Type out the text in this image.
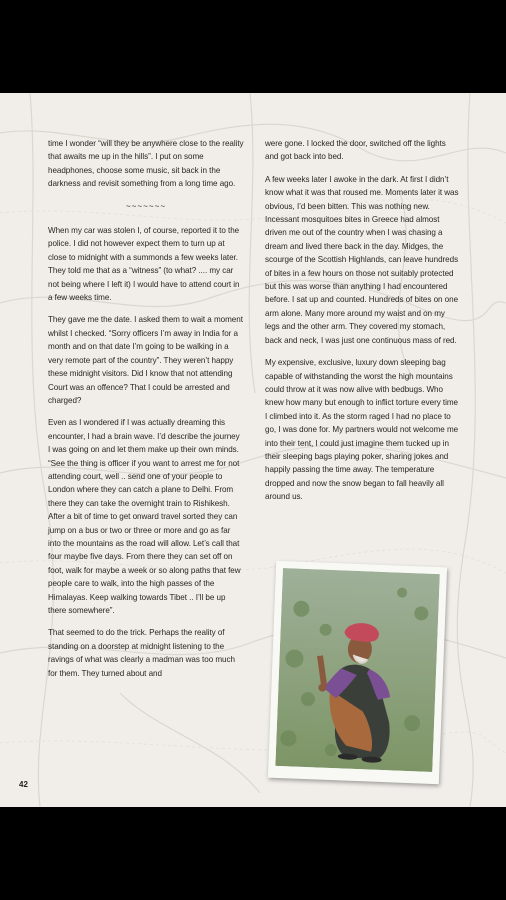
time I wonder “will they be anywhere close to the reality that awaits me up in the hills”. I put on some headphones, choose some music, sit back in the darkness and revisit something from a long time ago.

~~~~~~~

When my car was stolen I, of course, reported it to the police. I did not however expect them to turn up at close to midnight with a summonds a few weeks later. They told me that as a “witness” (to what? .... my car not being where I left it) I would have to attend court in a few weeks time.

They gave me the date. I asked them to wait a moment whilst I checked. “Sorry officers I’m away in India for a month and on that date I’m going to be walking in a very remote part of the country”. They weren’t happy these midnight visitors. Did I know that not attending Court was an offence? That I could be arrested and charged?

Even as I wondered if I was actually dreaming this encounter, I had a brain wave. I’d describe the journey I was going on and let them make up their own minds. “See the thing is officer if you want to arrest me for not attending court, well .. send one of your people to London where they can catch a plane to Delhi. From there they can take the overnight train to Rishikesh. After a bit of time to get onward travel sorted they can jump on a bus or two or three or more and go as far into the mountains as the road will allow. Let’s call that four maybe five days. From there they can set off on foot, walk for maybe a week or so along paths that few people care to walk, into the high passes of the Himalayas. Keep walking towards Tibet .. I’ll be up there somewhere”.

That seemed to do the trick. Perhaps the reality of standing on a doorstep at midnight listening to the ravings of what was clearly a madman was too much for them. They turned about and

were gone. I locked the door, switched off the lights and got back into bed.

A few weeks later I awoke in the dark. At first I didn’t know what it was that roused me. Moments later it was obvious, I’d been bitten. This was nothing new. Incessant mosquitoes bites in Greece had almost driven me out of the country when I was chasing a dream and lived there back in the day. Midges, the scourge of the Scottish Highlands, can leave hundreds of bites in a few hours on those not suitably protected but this was worse than anything I had encountered before. I sat up and counted. Hundreds of bites on one arm alone. Many more around my waist and on my legs and the other arm. They covered my stomach, back and neck, I was just one continuous mass of red.

My expensive, exclusive, luxury down sleeping bag capable of withstanding the worst the high mountains could throw at it was now alive with bedbugs. Who knew how many but enough to inflict torture every time I climbed into it. As the storm raged I had no place to go, I was done for. My partners would not welcome me into their tent, I could just imagine them tucked up in their sleeping bags playing poker, sharing jokes and happily passing the time away. The temperature dropped and now the snow began to fall heavily all around us.

42
